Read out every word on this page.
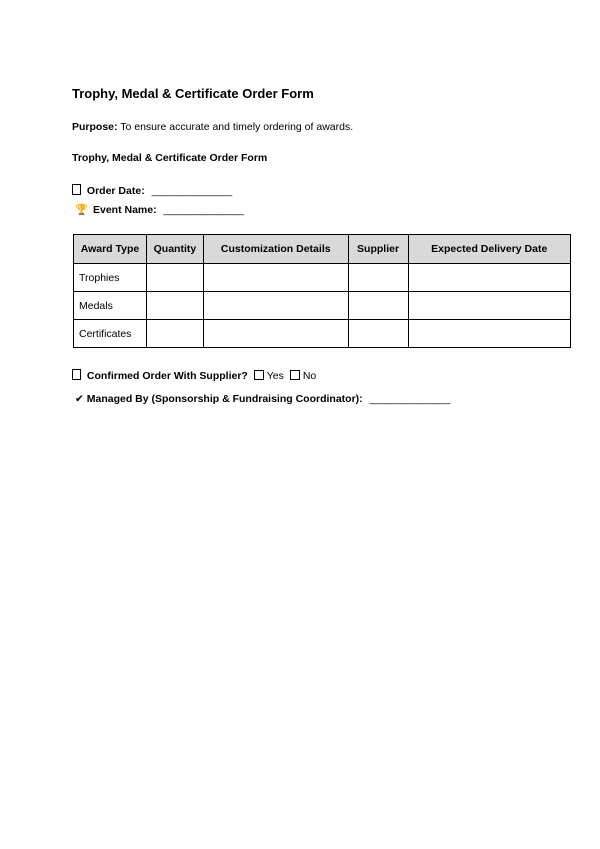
Trophy, Medal & Certificate Order Form
Purpose: To ensure accurate and timely ordering of awards.
Trophy, Medal & Certificate Order Form
Order Date: _______________
🏆 Event Name: _______________
Award Type	Quantity	Customization Details	Supplier	Expected Delivery Date
Trophies				
Medals				
Certificates				
Confirmed Order With Supplier? Yes No
✔ Managed By (Sponsorship & Fundraising Coordinator): _______________
